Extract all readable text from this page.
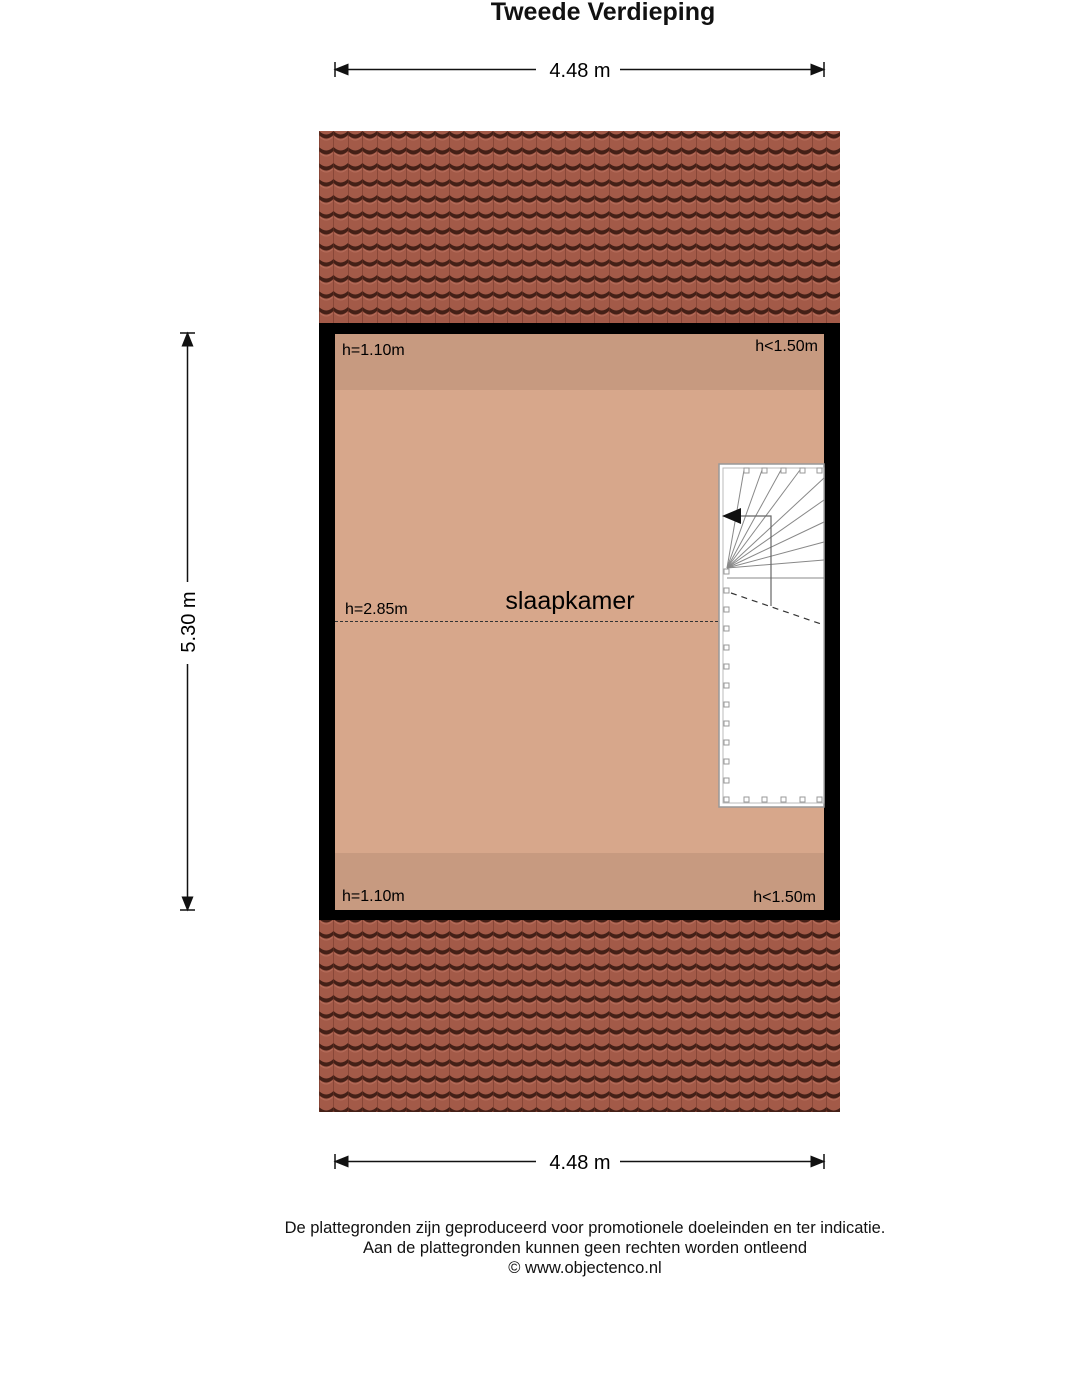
Tweede Verdieping
4.48 m
h=1.10m	h<1.50m
h=2.85m	slaapkamer
h=1.10m	h<1.50m
5.30 m
4.48 m
De plattegronden zijn geproduceerd voor promotionele doeleinden en ter indicatie.
Aan de plattegronden kunnen geen rechten worden ontleend
© www.objectenco.nl
